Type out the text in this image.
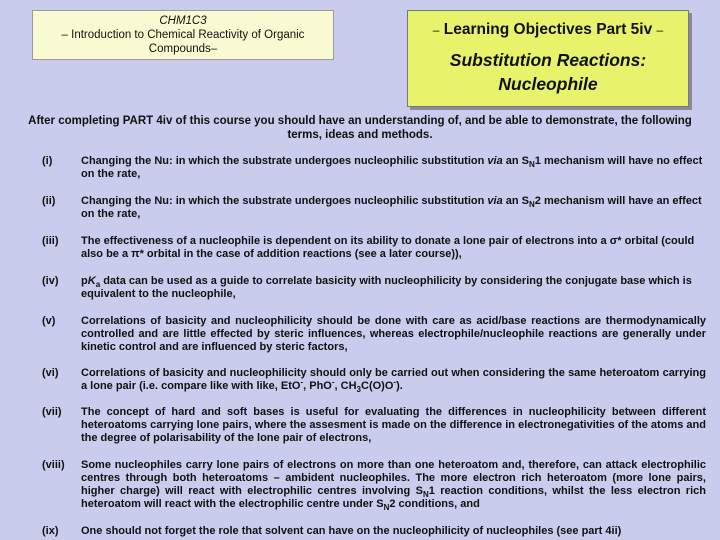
CHM1C3
– Introduction to Chemical Reactivity of Organic
Compounds–
– Learning Objectives Part 5iv –
Substitution Reactions:
Nucleophile
After completing PART 4iv of this course you should have an understanding of, and be able to demonstrate, the following
terms, ideas and methods.
(i)	Changing the Nu: in which the substrate undergoes nucleophilic substitution via an $S_N1$ mechanism will have no effect on the rate,
(ii) Changing the Nu: in which the substrate undergoes nucleophilic substitution via an $S_N2$ mechanism will have an effect on the rate,
(iii) The effectiveness of a nucleophile is dependent on its ability to donate a lone pair of electrons into a σ* orbital (could also be a π* orbital in the case of addition reactions (see a later course)),
(iv) $pK_a$ data can be used as a guide to correlate basicity with nucleophilicity by considering the conjugate base which is equivalent to the nucleophile,
(v) Correlations of basicity and nucleophilicity should be done with care as acid/base reactions are thermodynamically controlled and are little effected by steric influences, whereas electrophile/nucleophile reactions are generally under kinetic control and are influenced by steric factors,
(vi) Correlations of basicity and nucleophilicity should only be carried out when considering the same heteroatom carrying a lone pair (i.e. compare like with like, EtO-, PhO-, $CH_3C(O)O^-$).
(vii) The concept of hard and soft bases is useful for evaluating the differences in nucleophilicity between different heteroatoms carrying lone pairs, where the assesment is made on the difference in electronegativities of the atoms and the degree of polarisability of the lone pair of electrons,
(viii) Some nucleophiles carry lone pairs of electrons on more than one heteroatom and, therefore, can attack electrophilic centres through both heteroatoms – ambident nucleophiles. The more electron rich heteroatom (more lone pairs, higher charge) will react with electrophilic centres involving $S_N1$ reaction conditions, whilst the less electron rich heteroatom will react with the electrophilic centre under $S_N2$ conditions, and
(ix) One should not forget the role that solvent can have on the nucleophilicity of nucleophiles (see part 4ii)
